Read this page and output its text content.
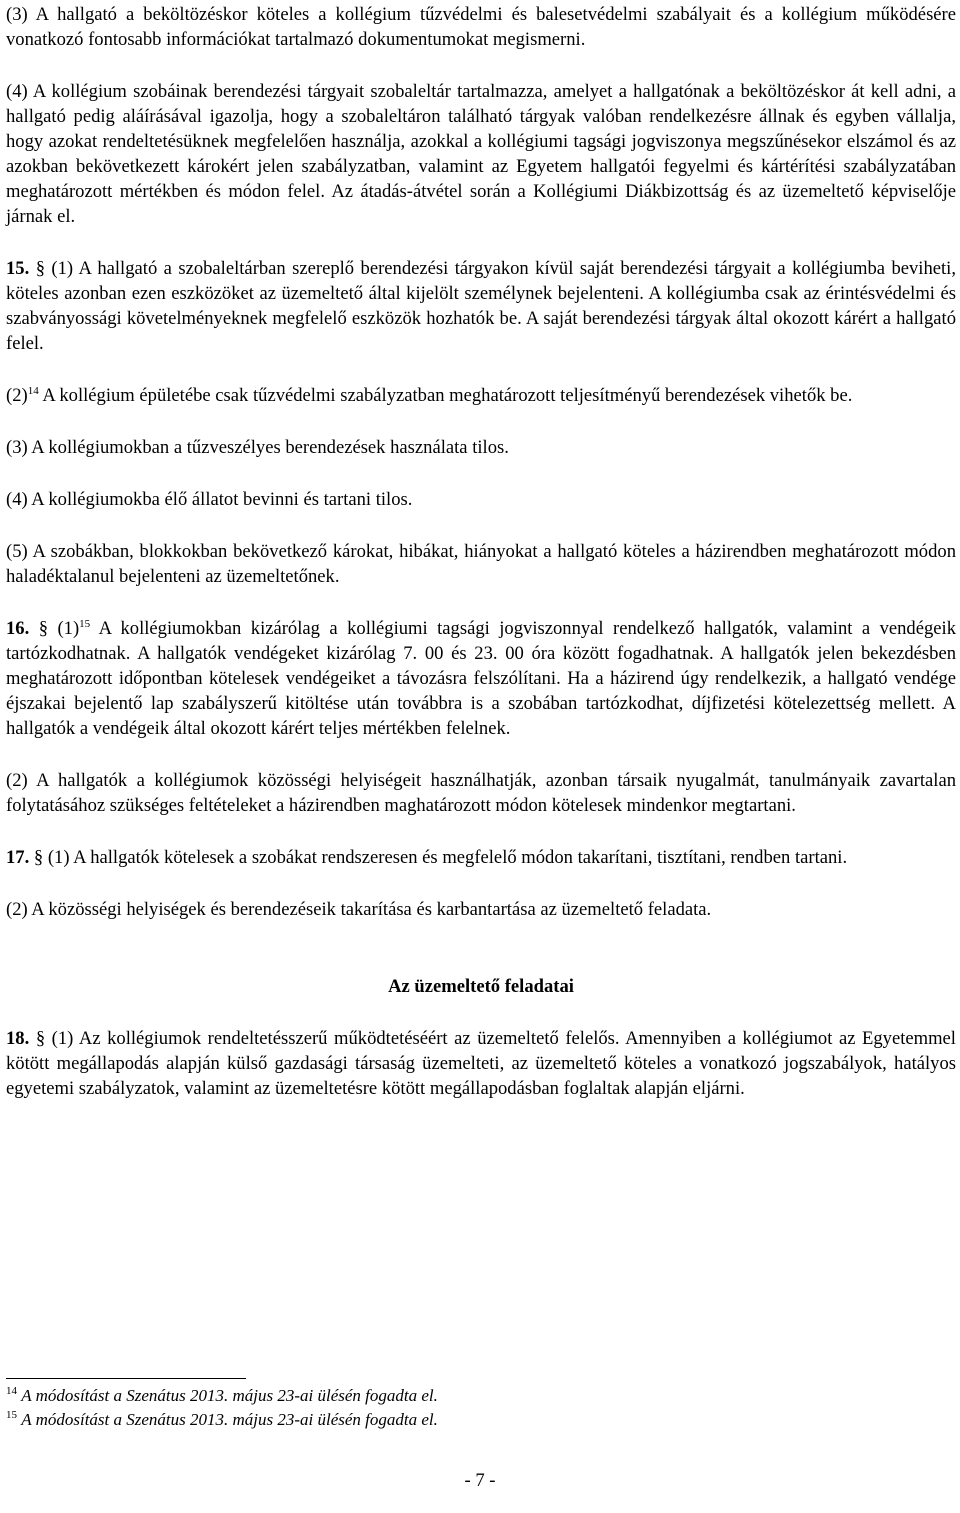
(3) A hallgató a beköltözéskor köteles a kollégium tűzvédelmi és balesetvédelmi szabályait és a kollégium működésére vonatkozó fontosabb információkat tartalmazó dokumentumokat megismerni.

(4) A kollégium szobáinak berendezési tárgyait szobaleltár tartalmazza, amelyet a hallgatónak a beköltözéskor át kell adni, a hallgató pedig aláírásával igazolja, hogy a szobaleltáron található tárgyak valóban rendelkezésre állnak és egyben vállalja, hogy azokat rendeltetésüknek megfelelően használja, azokkal a kollégiumi tagsági jogviszonya megszűnésekor elszámol és az azokban bekövetkezett károkért jelen szabályzatban, valamint az Egyetem hallgatói fegyelmi és kártérítési szabályzatában meghatározott mértékben és módon felel. Az átadás-átvétel során a Kollégiumi Diákbizottság és az üzemeltető képviselője járnak el.

15. § (1) A hallgató a szobaleltárban szereplő berendezési tárgyakon kívül saját berendezési tárgyait a kollégiumba beviheti, köteles azonban ezen eszközöket az üzemeltető által kijelölt személynek bejelenteni. A kollégiumba csak az érintésvédelmi és szabványossági követelményeknek megfelelő eszközök hozhatók be. A saját berendezési tárgyak által okozott kárért a hallgató felel.

$(2)^{14}$ A kollégium épületébe csak tűzvédelmi szabályzatban meghatározott teljesítményű berendezések vihetők be.

(3) A kollégiumokban a tűzveszélyes berendezések használata tilos.

(4) A kollégiumokba élő állatot bevinni és tartani tilos.

(5) A szobákban, blokkokban bekövetkező károkat, hibákat, hiányokat a hallgató köteles a házirendben meghatározott módon haladéktalanul bejelenteni az üzemeltetőnek.

16. § $(1)^{15}$ A kollégiumokban kizárólag a kollégiumi tagsági jogviszonnyal rendelkező hallgatók, valamint a vendégeik tartózkodhatnak. A hallgatók vendégeket kizárólag 7. 00 és 23. 00 óra között fogadhatnak. A hallgatók jelen bekezdésben meghatározott időpontban kötelesek vendégeiket a távozásra felszólítani. Ha a házirend úgy rendelkezik, a hallgató vendége éjszakai bejelentő lap szabályszerű kitöltése után továbbra is a szobában tartózkodhat, díjfizetési kötelezettség mellett. A hallgatók a vendégeik által okozott kárért teljes mértékben felelnek.

(2) A hallgatók a kollégiumok közösségi helyiségeit használhatják, azonban társaik nyugalmát, tanulmányaik zavartalan folytatásához szükséges feltételeket a házirendben maghatározott módon kötelesek mindenkor megtartani.

17. § (1) A hallgatók kötelesek a szobákat rendszeresen és megfelelő módon takarítani, tisztítani, rendben tartani.

(2) A közösségi helyiségek és berendezéseik takarítása és karbantartása az üzemeltető feladata.

Az üzemeltető feladatai

18. § (1) Az kollégiumok rendeltetésszerű működtetéséért az üzemeltető felelős. Amennyiben a kollégiumot az Egyetemmel kötött megállapodás alapján külső gazdasági társaság üzemelteti, az üzemeltető köteles a vonatkozó jogszabályok, hatályos egyetemi szabályzatok, valamint az üzemeltetésre kötött megállapodásban foglaltak alapján eljárni.

$^{14}$ A módosítást a Szenátus 2013. május 23-ai ülésén fogadta el.
$^{15}$ A módosítást a Szenátus 2013. május 23-ai ülésén fogadta el.
- 7 -
